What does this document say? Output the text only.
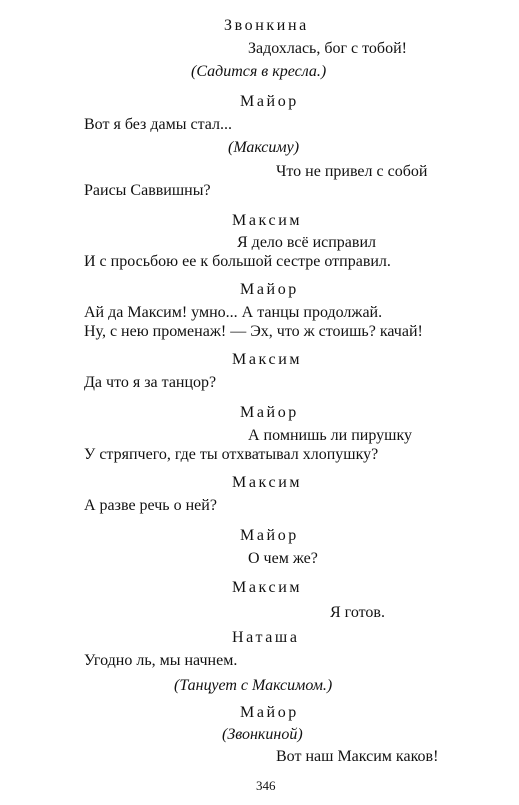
Звонкина
Задохлась, бог с тобой!
(Садится в кресла.)
Майор
Вот я без дамы стал...
(Максиму)
Что не привел с собой
Раисы Саввишны?
Максим
Я дело всё исправил
И с просьбою ее к большой сестре отправил.
Майор
Ай да Максим! умно... А танцы продолжай.
Ну, с нею променаж! — Эх, что ж стоишь? качай!
Максим
Да что я за танцор?
Майор
А помнишь ли пирушку
У стряпчего, где ты отхватывал хлопушку?
Максим
А разве речь о ней?
Майор
О чем же?
Максим
Я готов.
Наташа
Угодно ль, мы начнем.
(Танцует с Максимом.)
Майор
(Звонкиной)
Вот наш Максим каков!
346
